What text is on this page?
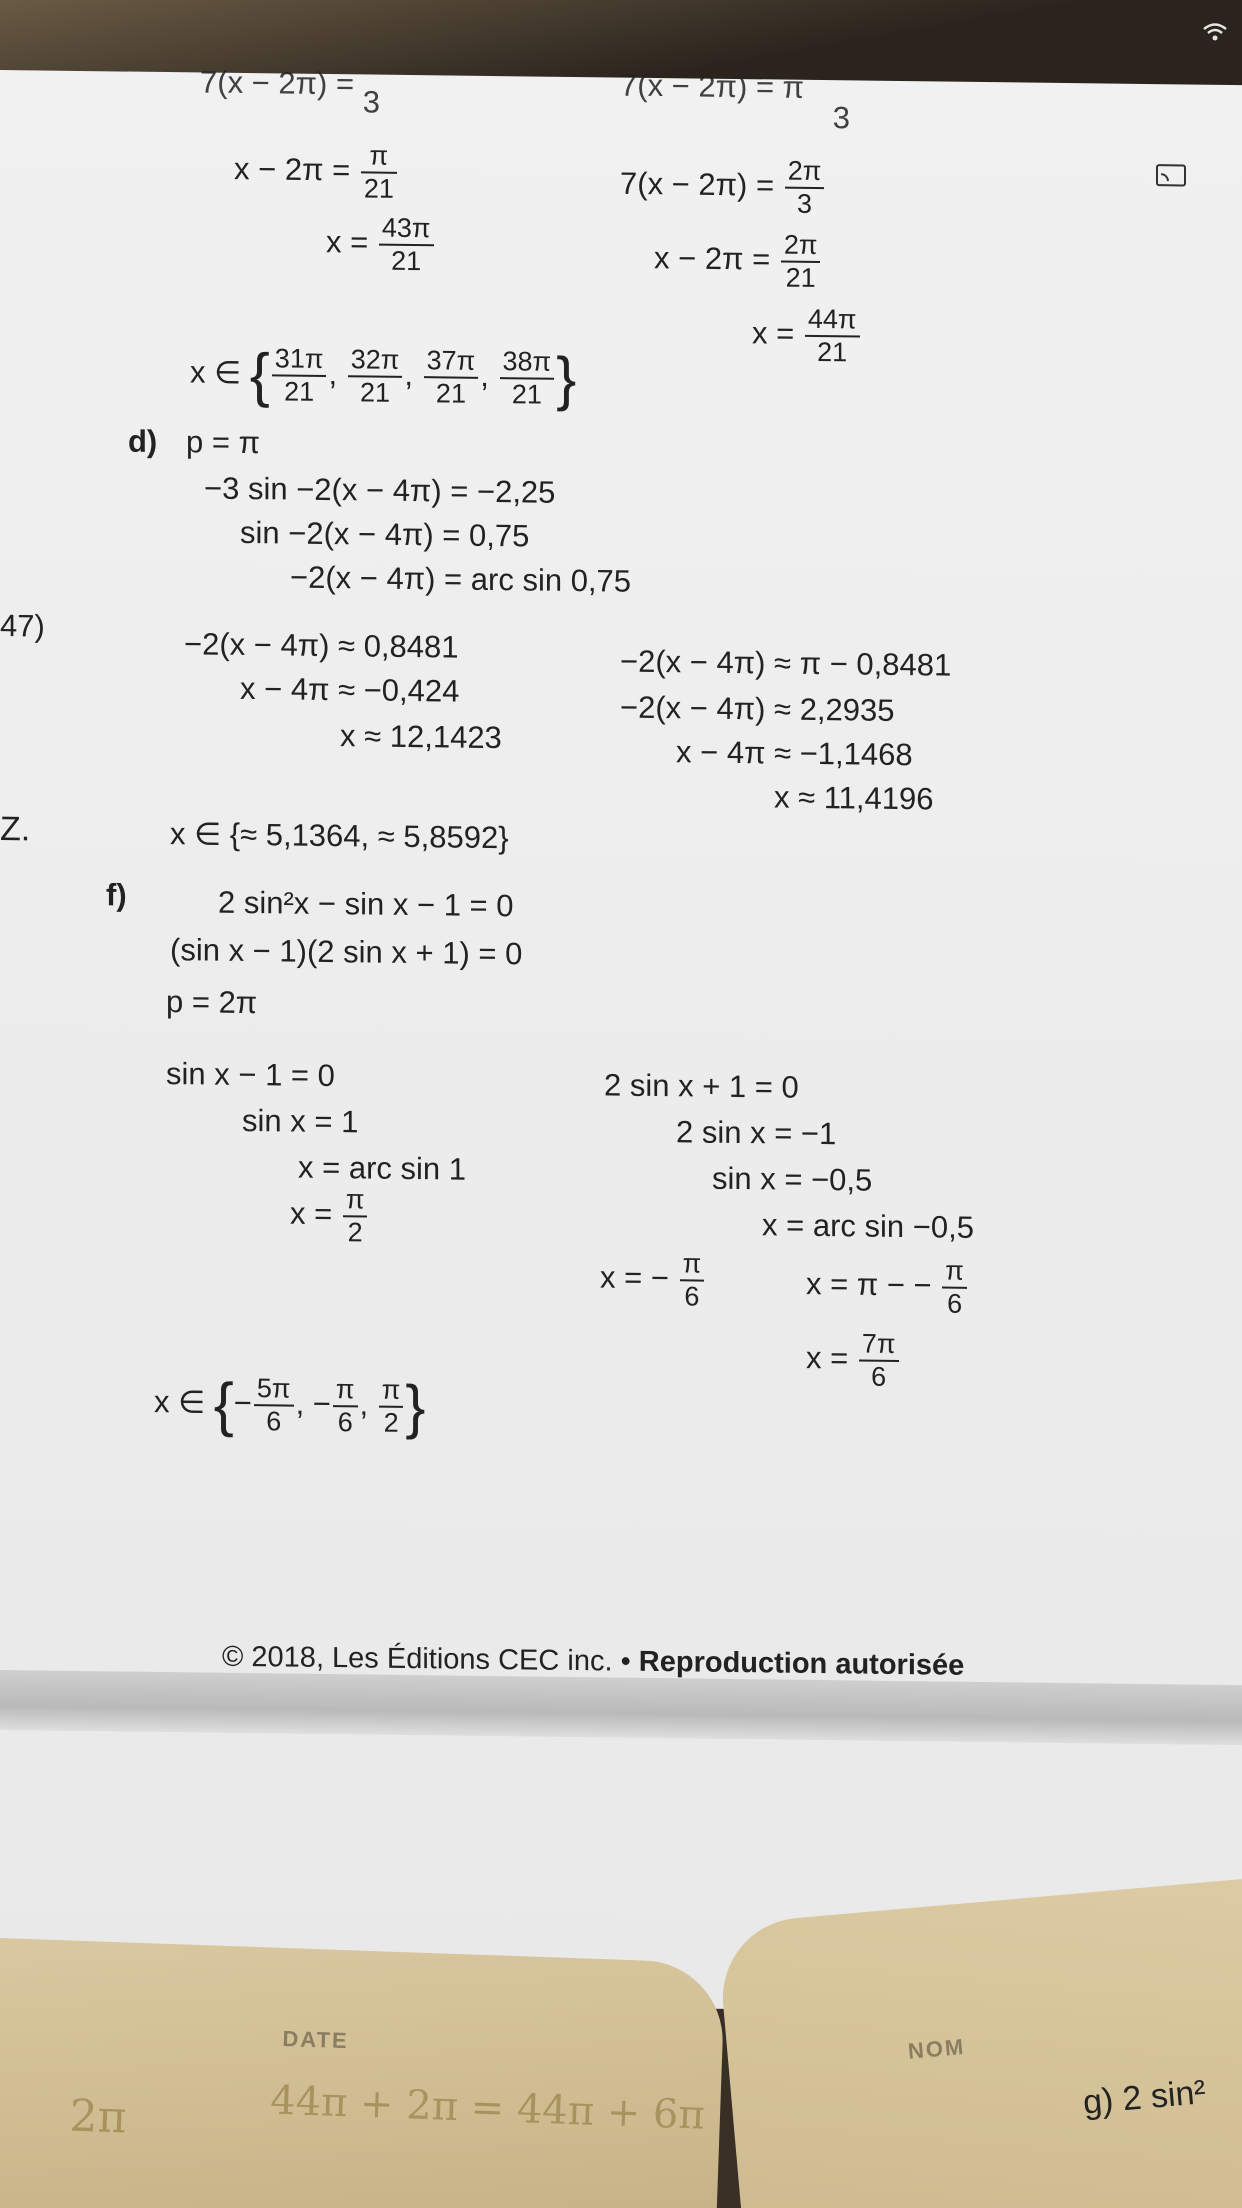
7(x − 2π) = 3	7(x − 2π) = π 3
$x - 2\pi = \frac{\pi}{21}$
$x = \frac{43\pi}{21}$
$7(x - 2\pi) = \frac{2\pi}{3}$
$x - 2\pi = \frac{2\pi}{21}$
$x = \frac{44\pi}{21}$
x ∈ { $\frac{31\pi}{21}$ , $\frac{32\pi}{21}$ , $\frac{37\pi}{21}$ , $\frac{38\pi}{21}$ }
d) p = π
−3 sin −2(x − 4π) = −2,25
sin −2(x − 4π) = 0,75
−2(x − 4π) = arc sin 0,75
47)
−2(x − 4π) ≈ 0,8481
x − 4π ≈ −0,424
x ≈ 12,1423
−2(x − 4π) ≈ π − 0,8481
−2(x − 4π) ≈ 2,2935
x − 4π ≈ −1,1468
x ≈ 11,4196
Z.	x ∈ {≈ 5,1364, ≈ 5,8592}
f)	2 sin²x − sin x − 1 = 0
(sin x − 1)(2 sin x + 1) = 0
p = 2π
sin x − 1 = 0
sin x = 1
x = arc sin 1
$x = \frac{\pi}{2}$
2 sin x + 1 = 0
2 sin x = −1
sin x = −0,5
x = arc sin −0,5
x = − $\frac{\pi}{6}$	x = π − − $\frac{\pi}{6}$
$x = \frac{7\pi}{6}$
x ∈ {− $\frac{5\pi}{6}$ , − $\frac{\pi}{6}$ , $\frac{\pi}{2}$ }
© 2018, Les Éditions CEC inc. • Reproduction autorisée
DATE
2π	44π + 2π = 44π + 6π
NOM
g) 2 sin²
